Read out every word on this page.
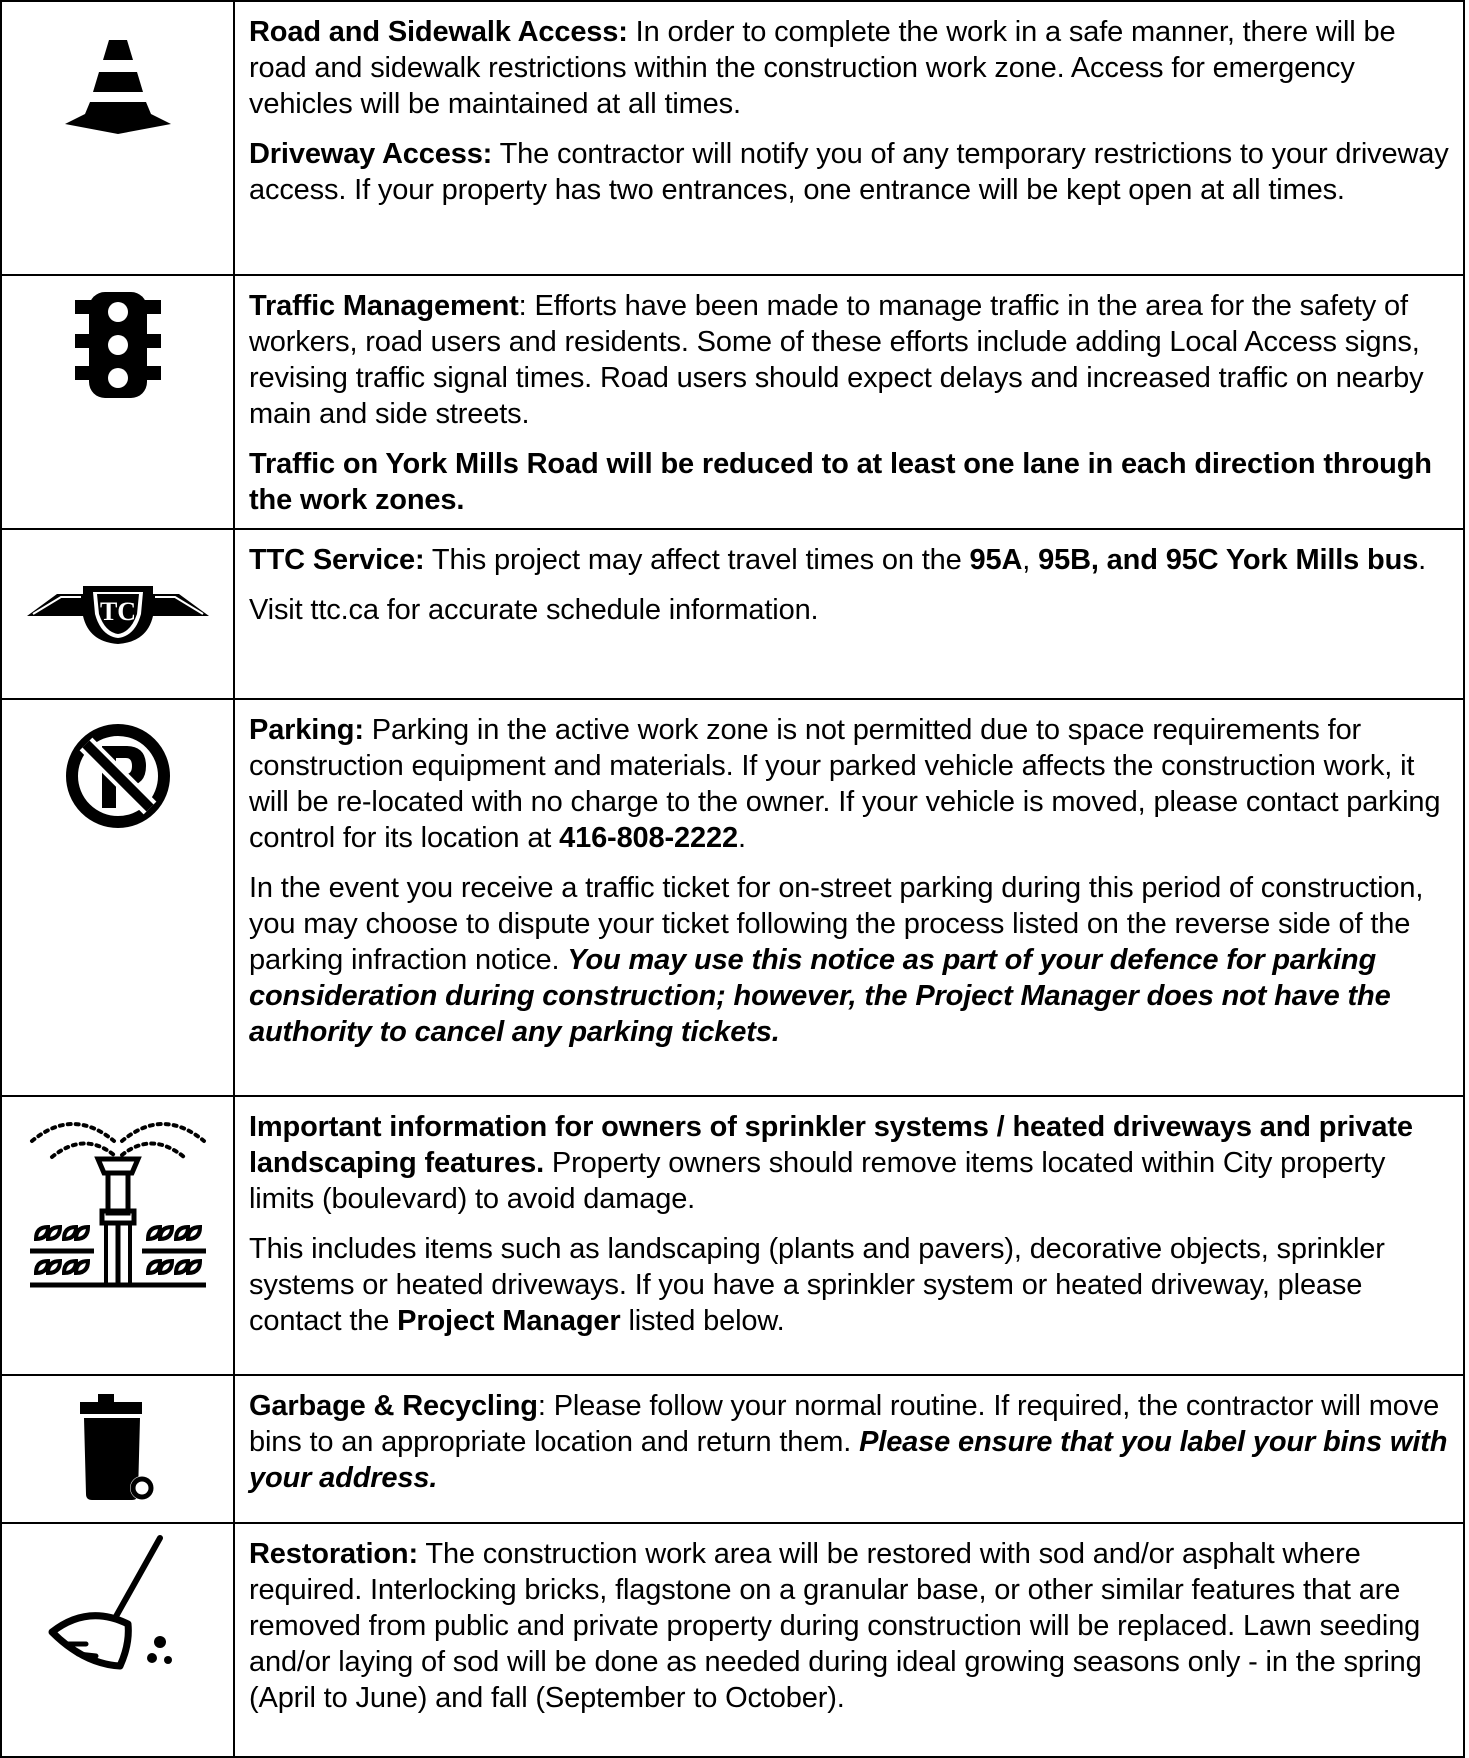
Road and Sidewalk Access: In order to complete the work in a safe manner, there will be road and sidewalk restrictions within the construction work zone. Access for emergency vehicles will be maintained at all times.

Driveway Access: The contractor will notify you of any temporary restrictions to your driveway access. If your property has two entrances, one entrance will be kept open at all times.

Traffic Management: Efforts have been made to manage traffic in the area for the safety of workers, road users and residents. Some of these efforts include adding Local Access signs, revising traffic signal times. Road users should expect delays and increased traffic on nearby main and side streets.

Traffic on York Mills Road will be reduced to at least one lane in each direction through the work zones.

TC	TTC Service: This project may affect travel times on the 95A, 95B, and 95C York Mills bus.

Visit ttc.ca for accurate schedule information.

Parking: Parking in the active work zone is not permitted due to space requirements for construction equipment and materials. If your parked vehicle affects the construction work, it will be re-located with no charge to the owner. If your vehicle is moved, please contact parking control for its location at 416-808-2222.

In the event you receive a traffic ticket for on-street parking during this period of construction, you may choose to dispute your ticket following the process listed on the reverse side of the parking infraction notice. You may use this notice as part of your defence for parking consideration during construction; however, the Project Manager does not have the authority to cancel any parking tickets.

Important information for owners of sprinkler systems / heated driveways and private landscaping features. Property owners should remove items located within City property limits (boulevard) to avoid damage.

This includes items such as landscaping (plants and pavers), decorative objects, sprinkler systems or heated driveways. If you have a sprinkler system or heated driveway, please contact the Project Manager listed below.

Garbage & Recycling: Please follow your normal routine. If required, the contractor will move bins to an appropriate location and return them. Please ensure that you label your bins with your address.

Restoration: The construction work area will be restored with sod and/or asphalt where required. Interlocking bricks, flagstone on a granular base, or other similar features that are removed from public and private property during construction will be replaced. Lawn seeding and/or laying of sod will be done as needed during ideal growing seasons only - in the spring (April to June) and fall (September to October).
